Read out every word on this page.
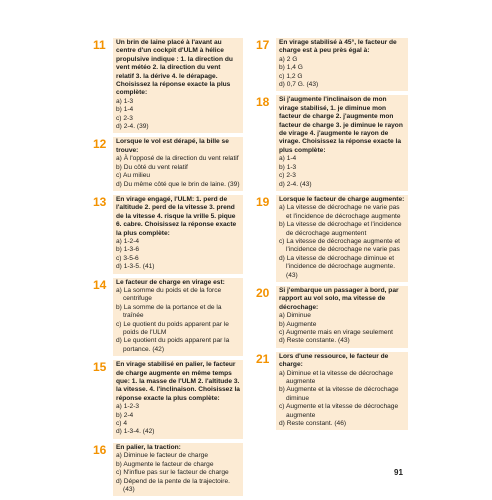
11	Un brin de laine placé à l'avant au centre d'un cockpit d'ULM à hélice propulsive indique : 1. la direction du vent météo 2. la direction du vent relatif 3. la dérive 4. le dérapage. Choisissez la réponse exacte la plus complète:
a) 1-3
b) 1-4
c) 2-3
d) 2-4. (39)
12	Lorsque le vol est dérapé, la bille se trouve:
a) À l'opposé de la direction du vent relatif
b) Du côté du vent relatif
c) Au milieu
d) Du même côté que le brin de laine. (39)
13	En virage engagé, l'ULM: 1. perd de l'altitude 2. perd de la vitesse 3. prend de la vitesse 4. risque la vrille 5. pique 6. cabre. Choisissez la réponse exacte la plus complète:
a) 1-2-4
b) 1-3-6
c) 3-5-6
d) 1-3-5. (41)
14	Le facteur de charge en virage est:
a) La somme du poids et de la force centrifuge
b) La somme de la portance et de la traînée
c) Le quotient du poids apparent par le poids de l'ULM
d) Le quotient du poids apparent par la portance. (42)
15	En virage stabilisé en palier, le facteur de charge augmente en même temps que: 1. la masse de l'ULM 2. l'altitude 3. la vitesse. 4. l'inclinaison. Choisissez la réponse exacte la plus complète:
a) 1-2-3
b) 2-4
c) 4
d) 1-3-4. (42)
16	En palier, la traction:
a) Diminue le facteur de charge
b) Augmente le facteur de charge
c) N'influe pas sur le facteur de charge
d) Dépend de la pente de la trajectoire. (43)
17	En virage stabilisé à 45°, le facteur de charge est à peu près égal à:
a) 2 G
b) 1,4 G
c) 1,2 G
d) 0,7 G. (43)
18	Si j'augmente l'inclinaison de mon virage stabilisé, 1. je diminue mon facteur de charge 2. j'augmente mon facteur de charge 3. je diminue le rayon de virage 4. j'augmente le rayon de virage. Choisissez la réponse exacte la plus complète:
a) 1-4
b) 1-3
c) 2-3
d) 2-4. (43)
19	Lorsque le facteur de charge augmente:
a) La vitesse de décrochage ne varie pas et l'incidence de décrochage augmente
b) La vitesse de décrochage et l'incidence de décrochage augmentent
c) La vitesse de décrochage augmente et l'incidence de décrochage ne varie pas
d) La vitesse de décrochage diminue et l'incidence de décrochage augmente. (43)
20	Si j'embarque un passager à bord, par rapport au vol solo, ma vitesse de décrochage:
a) Diminue
b) Augmente
c) Augmente mais en virage seulement
d) Reste constante. (43)
21	Lors d'une ressource, le facteur de charge:
a) Diminue et la vitesse de décrochage augmente
b) Augmente et la vitesse de décrochage diminue
c) Augmente et la vitesse de décrochage augmente
d) Reste constant. (46)
91
